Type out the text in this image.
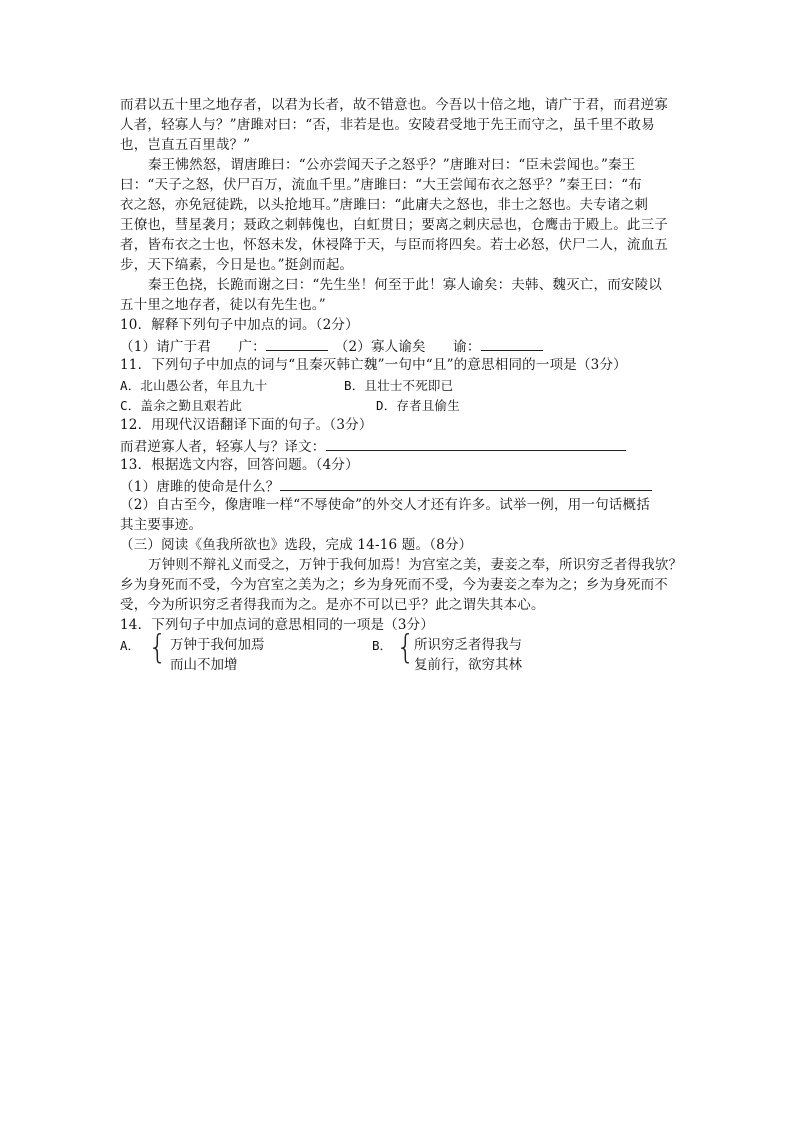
而君以五十里之地存者，以君为长者，故不错意也。今吾以十倍之地，请广于君，而君逆寡
人者，轻寡人与？”唐雎对曰：“否，非若是也。安陵君受地于先王而守之，虽千里不敢易
也，岂直五百里哉？”
秦王怫然怒，谓唐雎曰：“公亦尝闻天子之怒乎？”唐雎对曰：“臣未尝闻也。”秦王
曰：“天子之怒，伏尸百万，流血千里。”唐雎曰：“大王尝闻布衣之怒乎？”秦王曰：“布
衣之怒，亦免冠徒跣，以头抢地耳。”唐雎曰：“此庸夫之怒也，非士之怒也。夫专诸之刺
王僚也，彗星袭月；聂政之刺韩傀也，白虹贯日；要离之刺庆忌也，仓鹰击于殿上。此三子
者，皆布衣之士也，怀怒未发，休祲降于天，与臣而将四矣。若士必怒，伏尸二人，流血五
步，天下缟素，今日是也。”挺剑而起。
秦王色挠，长跪而谢之曰：“先生坐！何至于此！寡人谕矣：夫韩、魏灭亡，而安陵以
五十里之地存者，徒以有先生也。”
10．解释下列句子中加点的词。（2分）
（1）请广于君　　广：　	（2）寡人谕矣　　谕：
11．下列句子中加点的词与“且秦灭韩亡魏”一句中“且”的意思相同的一项是（3分）
A．北山愚公者，年且九十	B．且壮士不死即已
C．盖余之勤且艰若此	D．存者且偷生
12．用现代汉语翻译下面的句子。（3分）
而君逆寡人者，轻寡人与？译文：
13．根据选文内容，回答问题。（4分）
（1）唐雎的使命是什么？
（2）自古至今，像唐唯一样“不辱使命”的外交人才还有许多。试举一例，用一句话概括
其主要事迹。
（三）阅读《鱼我所欲也》选段，完成 14-16 题。（8分）
万钟则不辩礼义而受之，万钟于我何加焉！为宫室之美，妻妾之奉，所识穷乏者得我欤？
乡为身死而不受，今为宫室之美为之；乡为身死而不受，今为妻妾之奉为之；乡为身死而不
受，今为所识穷乏者得我而为之。是亦不可以已乎？此之谓失其本心。
14．下列句子中加点词的意思相同的一项是（3分）
A． { 万钟于我何加焉
而山不加增
B． {
所识穷乏者得我与
复前行，欲穷其林
